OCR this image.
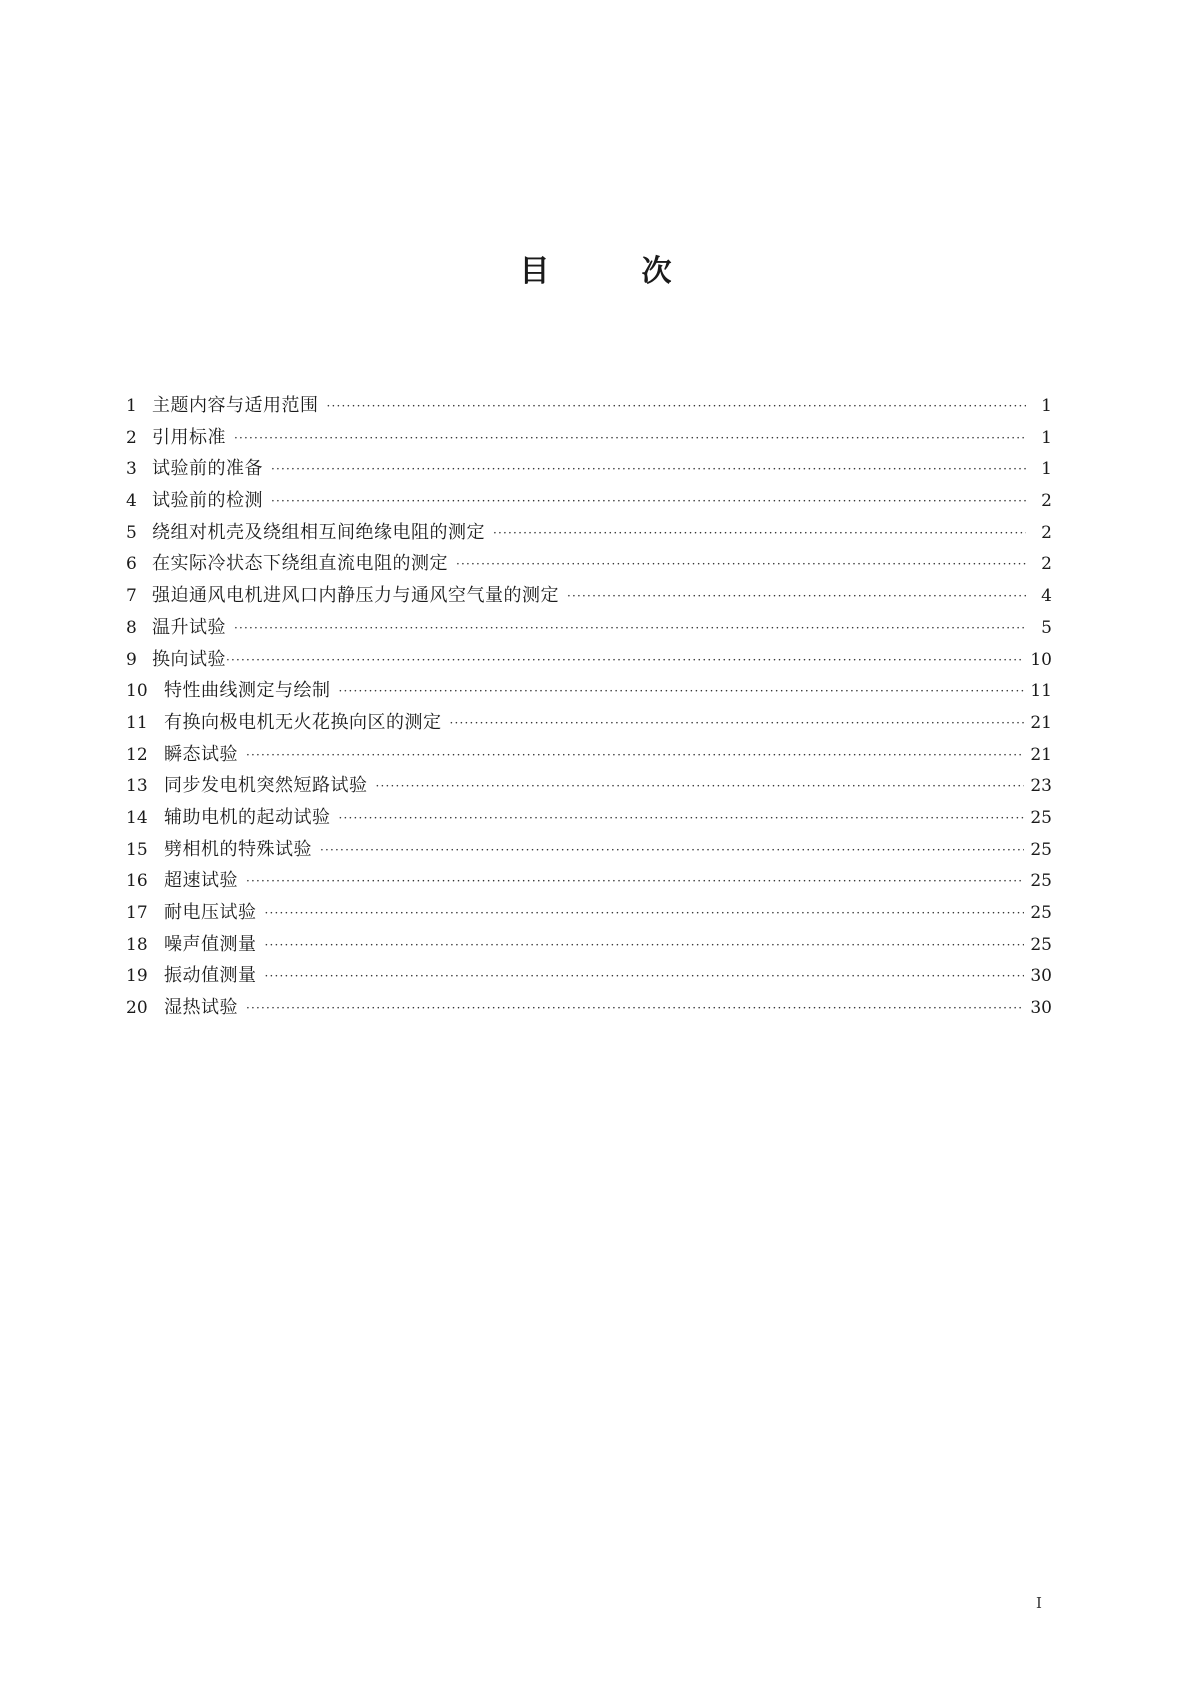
目	次
1 主题内容与适用范围 ·····	1
2 引用标准 ·····	1
3 试验前的准备 ·····	1
4 试验前的检测 ·····	2
5 绕组对机壳及绕组相互间绝缘电阻的测定 ·····	2
6 在实际冷状态下绕组直流电阻的测定 ·····	2
7 强迫通风电机进风口内静压力与通风空气量的测定 ·····	4
8 温升试验 ·····	5
9 换向试验 ·····	10
10 特性曲线测定与绘制 ·····	11
11 有换向极电机无火花换向区的测定 ·····	21
12 瞬态试验 ·····	21
13 同步发电机突然短路试验 ·····	23
14 辅助电机的起动试验 ·····	25
15 劈相机的特殊试验 ·····	25
16 超速试验 ·····	25
17 耐电压试验 ·····	25
18 噪声值测量 ·····	25
19 振动值测量 ·····	30
20 湿热试验 ·····	30
I
